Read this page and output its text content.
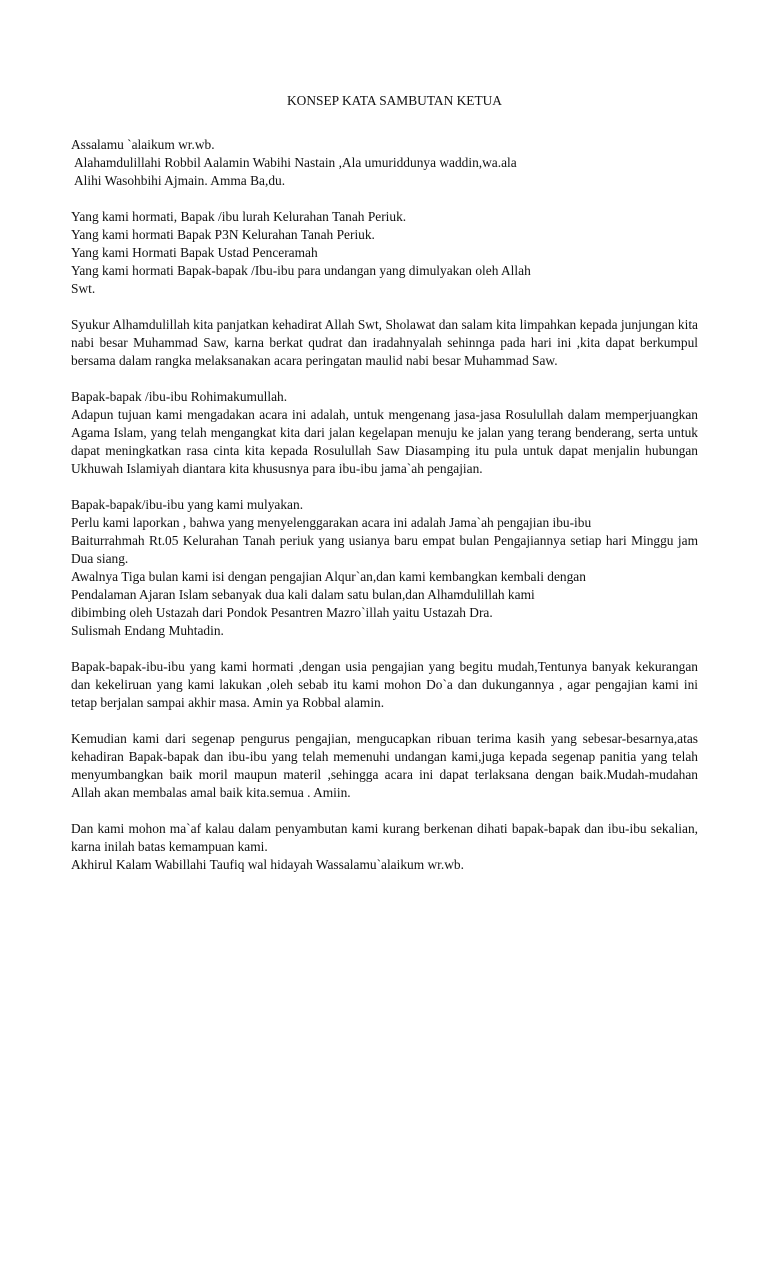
KONSEP KATA SAMBUTAN KETUA
Assalamu `alaikum wr.wb.
Alahamdulillahi Robbil Aalamin Wabihi Nastain ,Ala umuriddunya waddin,wa.ala
Alihi Wasohbihi Ajmain. Amma Ba,du.
Yang kami hormati, Bapak /ibu lurah Kelurahan Tanah Periuk.
Yang kami hormati Bapak P3N Kelurahan Tanah Periuk.
Yang kami Hormati Bapak Ustad Penceramah
Yang kami hormati Bapak-bapak /Ibu-ibu para undangan yang dimulyakan oleh Allah
Swt.
Syukur Alhamdulillah kita panjatkan kehadirat Allah Swt, Sholawat dan salam kita limpahkan kepada junjungan kita nabi besar Muhammad Saw, karna berkat qudrat dan iradahnyalah sehinnga pada hari ini ,kita dapat berkumpul bersama dalam rangka melaksanakan acara peringatan maulid nabi besar Muhammad Saw.
Bapak-bapak /ibu-ibu Rohimakumullah.
Adapun tujuan kami mengadakan acara ini adalah, untuk mengenang jasa-jasa Rosulullah dalam memperjuangkan Agama Islam, yang telah mengangkat kita dari jalan kegelapan menuju ke jalan yang terang benderang, serta untuk dapat meningkatkan rasa cinta kita kepada Rosulullah Saw Diasamping itu pula untuk dapat menjalin hubungan Ukhuwah Islamiyah diantara kita khususnya para ibu-ibu jama`ah pengajian.
Bapak-bapak/ibu-ibu yang kami mulyakan.
Perlu kami laporkan , bahwa yang menyelenggarakan acara ini adalah Jama`ah pengajian ibu-ibu
Baiturrahmah Rt.05 Kelurahan Tanah periuk yang usianya baru empat bulan Pengajiannya setiap hari Minggu jam Dua siang.
Awalnya Tiga bulan kami isi dengan pengajian Alqur`an,dan kami kembangkan kembali dengan
Pendalaman Ajaran Islam sebanyak dua kali dalam satu bulan,dan Alhamdulillah kami
dibimbing oleh Ustazah dari Pondok Pesantren Mazro`illah yaitu Ustazah Dra.
Sulismah Endang Muhtadin.
Bapak-bapak-ibu-ibu yang kami hormati ,dengan usia pengajian yang begitu mudah,Tentunya banyak kekurangan dan kekeliruan yang kami lakukan ,oleh sebab itu kami mohon Do`a dan dukungannya , agar pengajian kami ini tetap berjalan sampai akhir masa. Amin ya Robbal alamin.
Kemudian kami dari segenap pengurus pengajian, mengucapkan ribuan terima kasih yang sebesar-besarnya,atas kehadiran Bapak-bapak dan ibu-ibu yang telah memenuhi undangan kami,juga kepada segenap panitia yang telah menyumbangkan baik moril maupun materil ,sehingga acara ini dapat terlaksana dengan baik.Mudah-mudahan Allah akan membalas amal baik kita.semua . Amiin.
Dan kami mohon ma`af kalau dalam penyambutan kami kurang berkenan dihati bapak-bapak dan ibu-ibu sekalian, karna inilah batas kemampuan kami.
Akhirul Kalam Wabillahi Taufiq wal hidayah Wassalamu`alaikum wr.wb.
